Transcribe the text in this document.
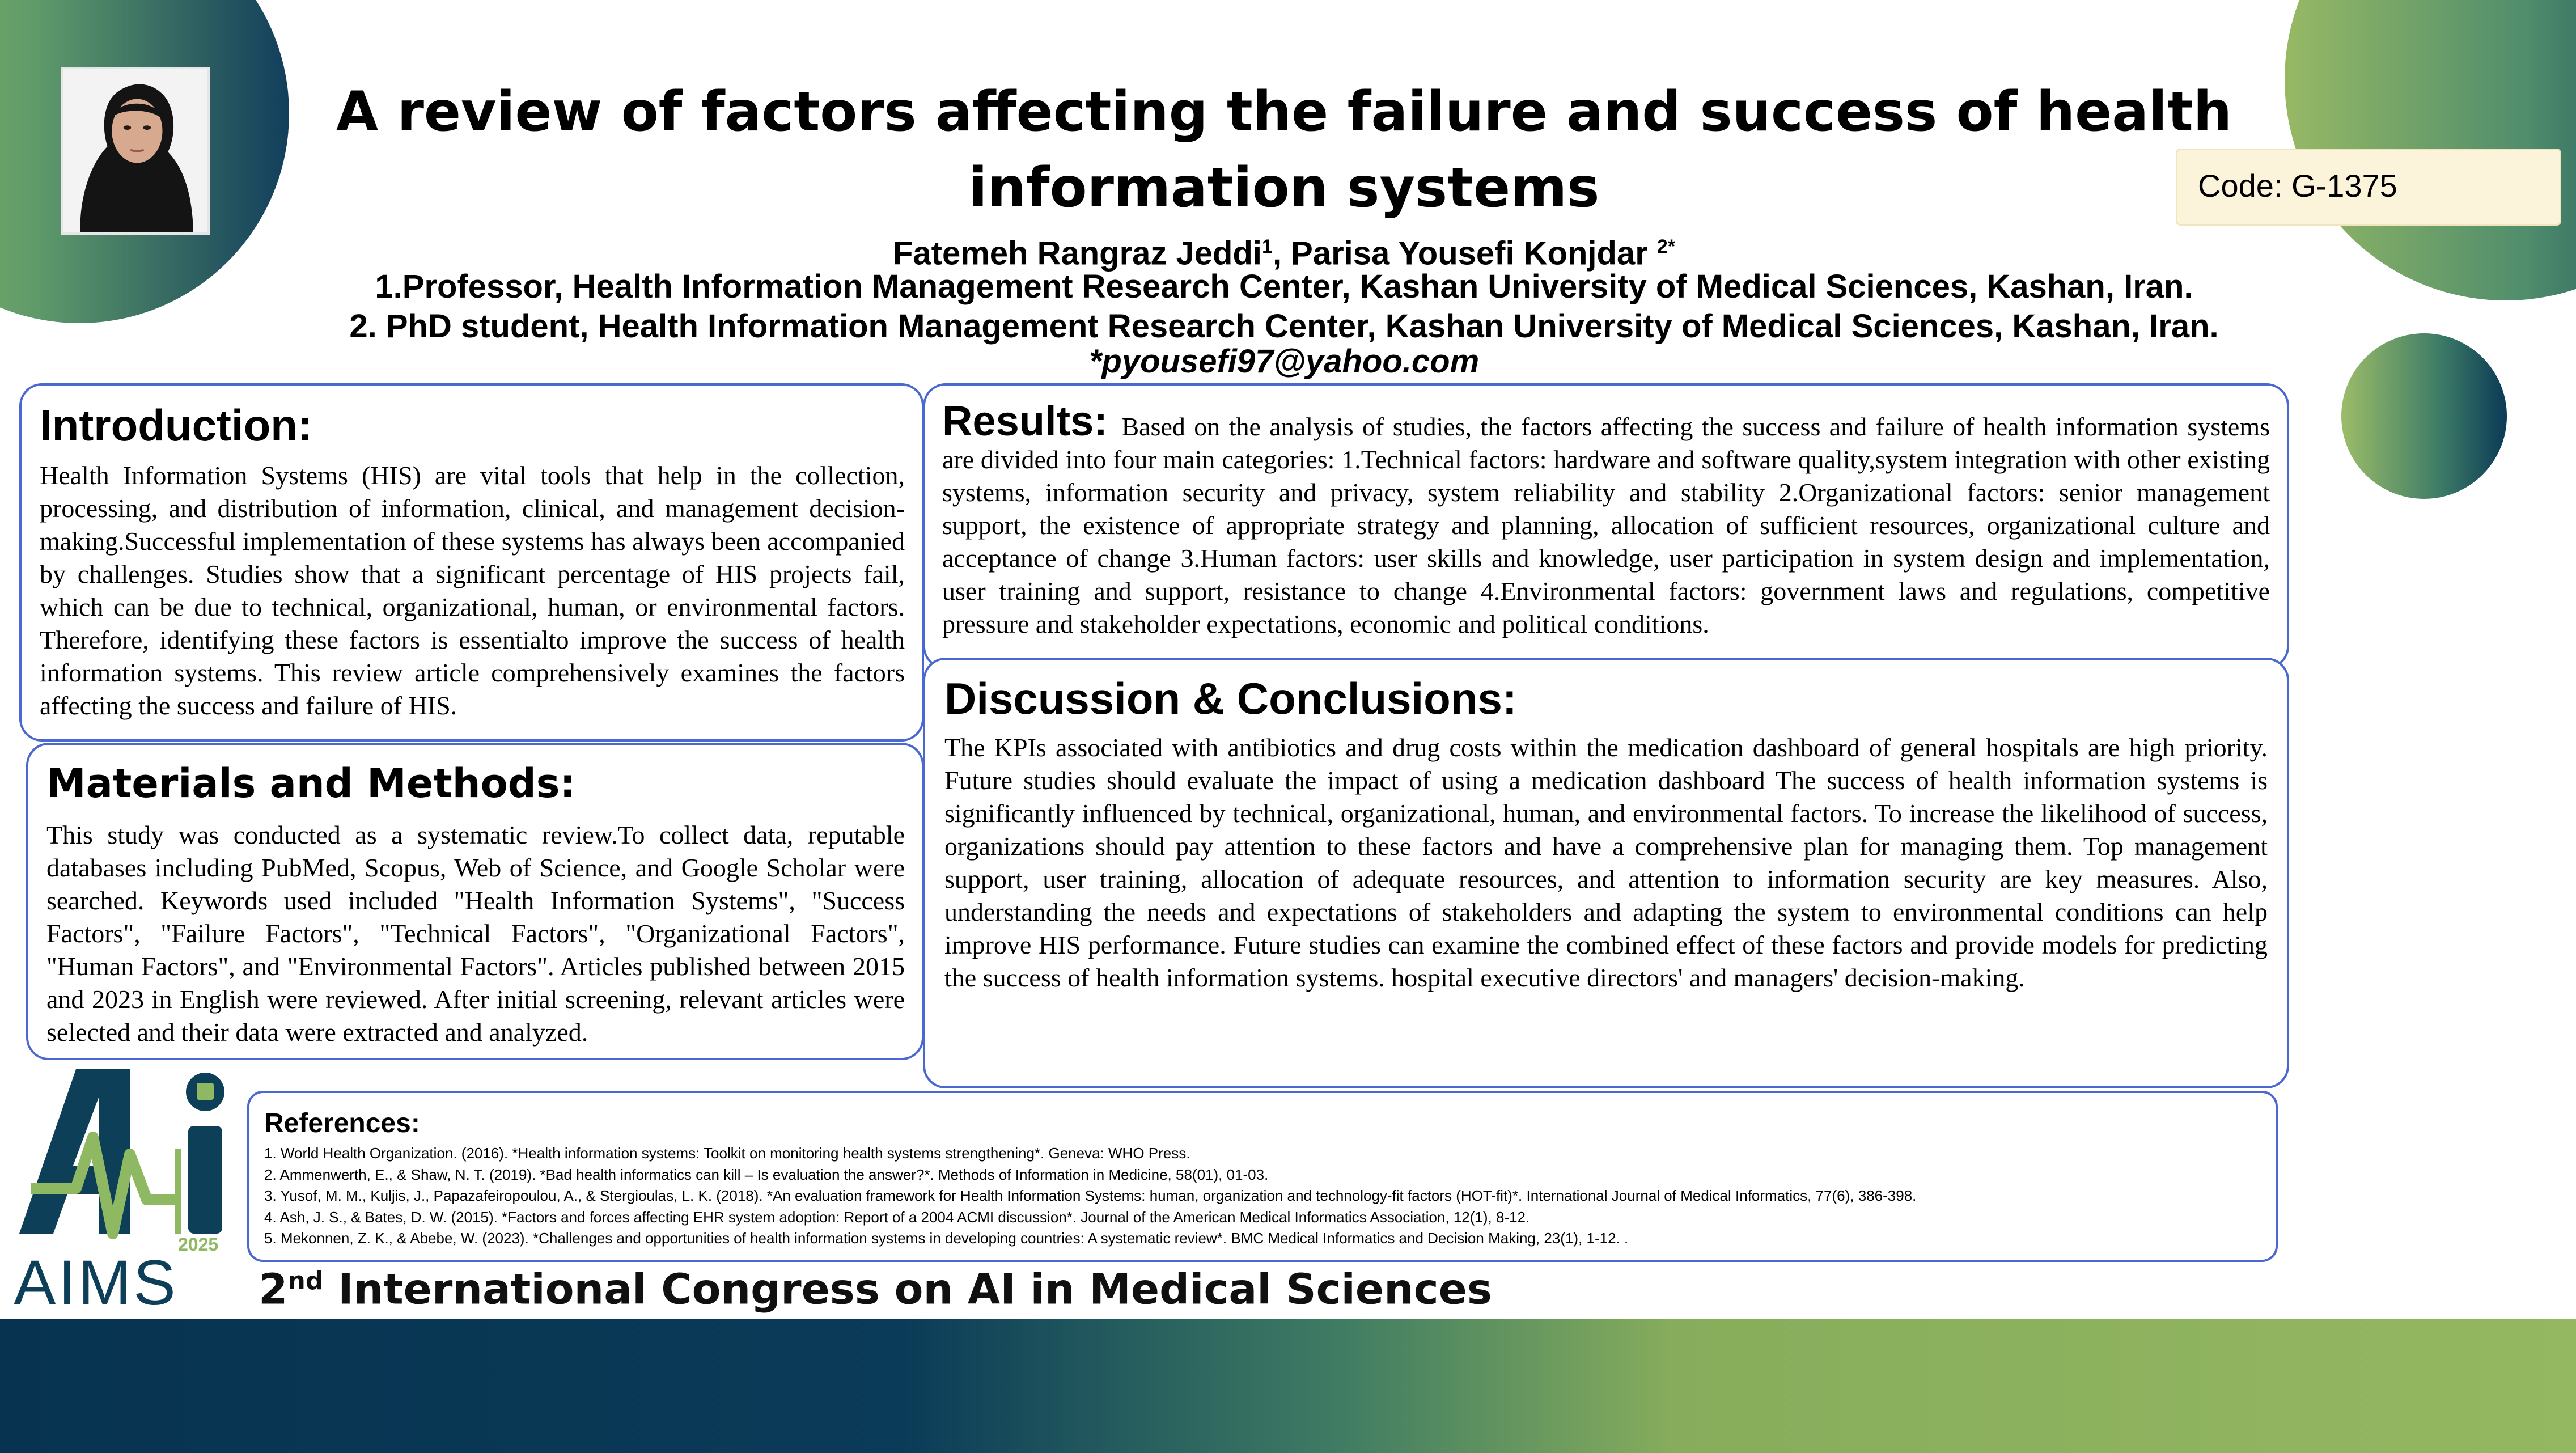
A review of factors affecting the failure and success of health information systems	Code: G-1375
Fatemeh Rangraz Jeddi$^1$, Parisa Yousefi Konjdar $^{2*}$
1.Professor, Health Information Management Research Center, Kashan University of Medical Sciences, Kashan, Iran.
2. PhD student, Health Information Management Research Center, Kashan University of Medical Sciences, Kashan, Iran.
*pyousefi97@yahoo.com
Introduction:
Health Information Systems (HIS) are vital tools that help in the collection, processing, and distribution of information, clinical, and management decision-making.Successful implementation of these systems has always been accompanied by challenges. Studies show that a significant percentage of HIS projects fail, which can be due to technical, organizational, human, or environmental factors. Therefore, identifying these factors is essentialto improve the success of health information systems. This review article comprehensively examines the factors affecting the success and failure of HIS.
Materials and Methods:
This study was conducted as a systematic review.To collect data, reputable databases including PubMed, Scopus, Web of Science, and Google Scholar were searched. Keywords used included "Health Information Systems", "Success Factors", "Failure Factors", "Technical Factors", "Organizational Factors", "Human Factors", and "Environmental Factors". Articles published between 2015 and 2023 in English were reviewed. After initial screening, relevant articles were selected and their data were extracted and analyzed.
Results: Based on the analysis of studies, the factors affecting the success and failure of health information systems are divided into four main categories: 1.Technical factors: hardware and software quality,system integration with other existing systems, information security and privacy, system reliability and stability 2.Organizational factors: senior management support, the existence of appropriate strategy and planning, allocation of sufficient resources, organizational culture and acceptance of change 3.Human factors: user skills and knowledge, user participation in system design and implementation, user training and support, resistance to change 4.Environmental factors: government laws and regulations, competitive pressure and stakeholder expectations, economic and political conditions.
Discussion & Conclusions:
The KPIs associated with antibiotics and drug costs within the medication dashboard of general hospitals are high priority. Future studies should evaluate the impact of using a medication dashboard The success of health information systems is significantly influenced by technical, organizational, human, and environmental factors. To increase the likelihood of success, organizations should pay attention to these factors and have a comprehensive plan for managing them. Top management support, user training, allocation of adequate resources, and attention to information security are key measures. Also, understanding the needs and expectations of stakeholders and adapting the system to environmental conditions can help improve HIS performance. Future studies can examine the combined effect of these factors and provide models for predicting the success of health information systems. hospital executive directors' and managers' decision-making.
References:
1. World Health Organization. (2016). *Health information systems: Toolkit on monitoring health systems strengthening*. Geneva: WHO Press.
2. Ammenwerth, E., & Shaw, N. T. (2019). *Bad health informatics can kill – Is evaluation the answer?*. Methods of Information in Medicine, 58(01), 01-03.
3. Yusof, M. M., Kuljis, J., Papazafeiropoulou, A., & Stergioulas, L. K. (2018). *An evaluation framework for Health Information Systems: human, organization and technology-fit factors (HOT-fit)*. International Journal of Medical Informatics, 77(6), 386-398.
4. Ash, J. S., & Bates, D. W. (2015). *Factors and forces affecting EHR system adoption: Report of a 2004 ACMI discussion*. Journal of the American Medical Informatics Association, 12(1), 8-12.
5. Mekonnen, Z. K., & Abebe, W. (2023). *Challenges and opportunities of health information systems in developing countries: A systematic review*. BMC Medical Informatics and Decision Making, 23(1), 1-12. .
2025
AIMS 2nd International Congress on AI in Medical Sciences
